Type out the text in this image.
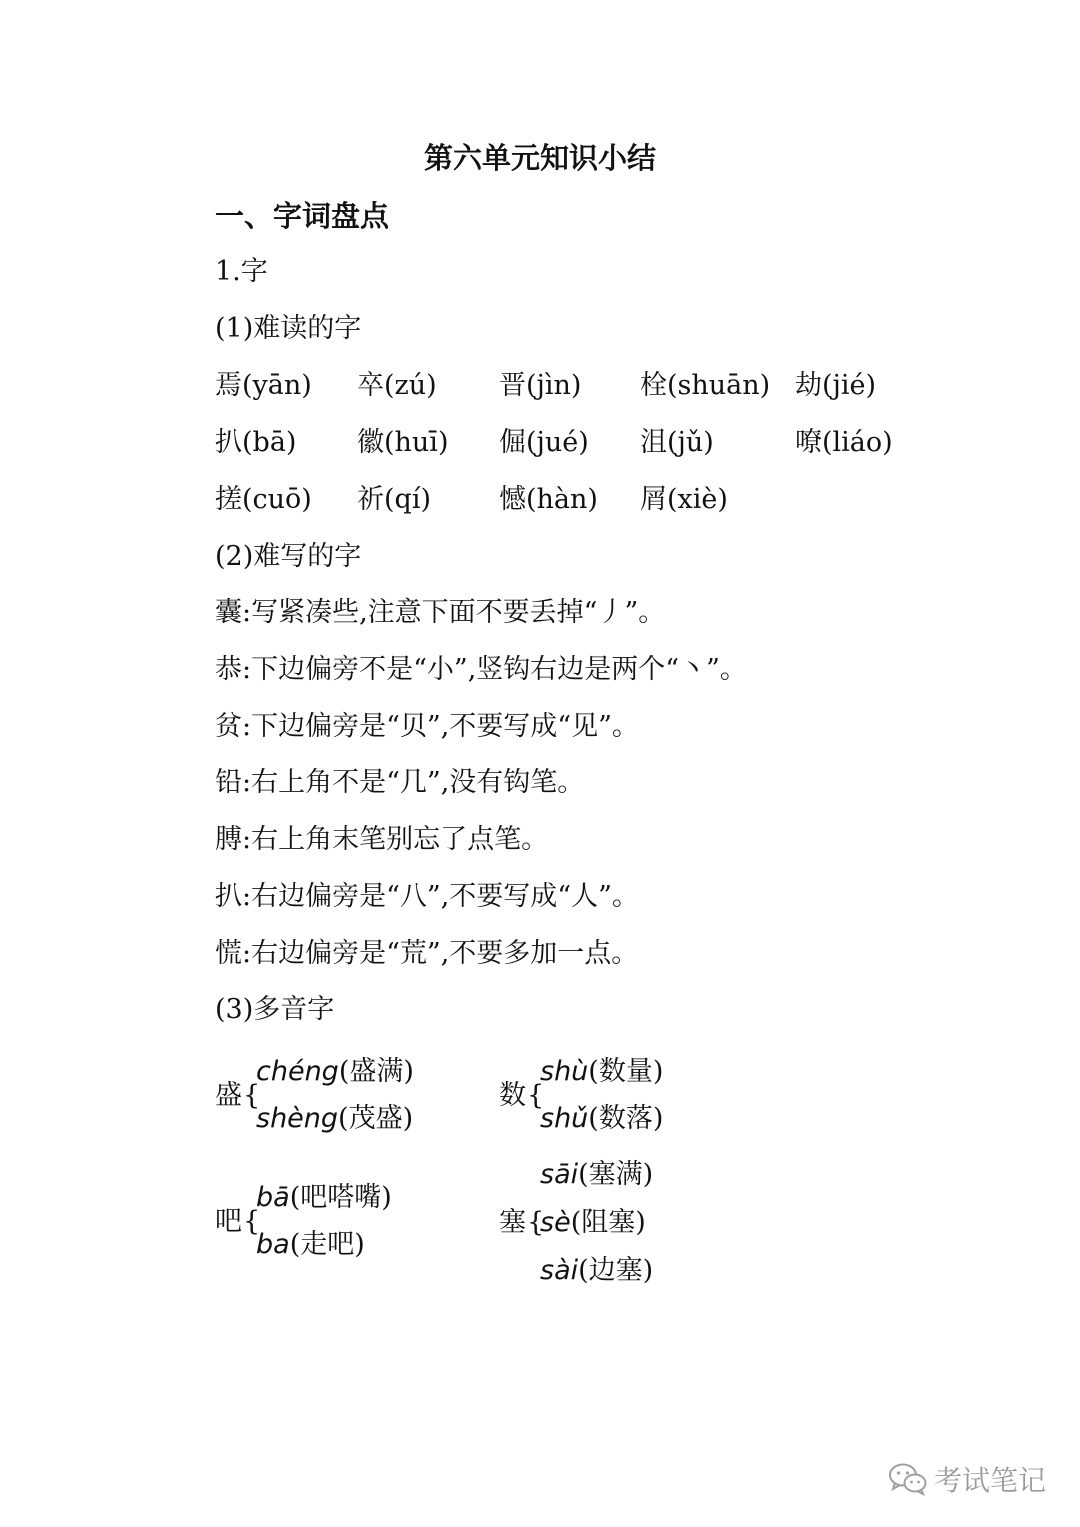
第六单元知识小结
一、字词盘点
1.字
(1)难读的字
焉(yān) 卒(zú) 晋(jìn) 栓(shuān) 劫(jié)
扒(bā) 徽(huī) 倔(jué) 沮(jǔ)	嘹(liáo)
搓(cuō) 祈(qí)	憾(hàn) 屑(xiè)
(2)难写的字
囊:写紧凑些,注意下面不要丢掉“丿”。
恭:下边偏旁不是“小”,竖钩右边是两个“丶”。
贫:下边偏旁是“贝”,不要写成“见”。
铅:右上角不是“几”,没有钩笔。
膊:右上角末笔别忘了点笔。
扒:右边偏旁是“八”,不要写成“人”。
慌:右边偏旁是“荒”,不要多加一点。
(3)多音字
盛 {
chéng(盛满)
shèng(茂盛)
数 {
shù(数量)
shǔ(数落)
吧 {
bā(吧嗒嘴)
ba(走吧)
塞 {
sāi(塞满)
sè(阻塞)
sài(边塞)
考试笔记
